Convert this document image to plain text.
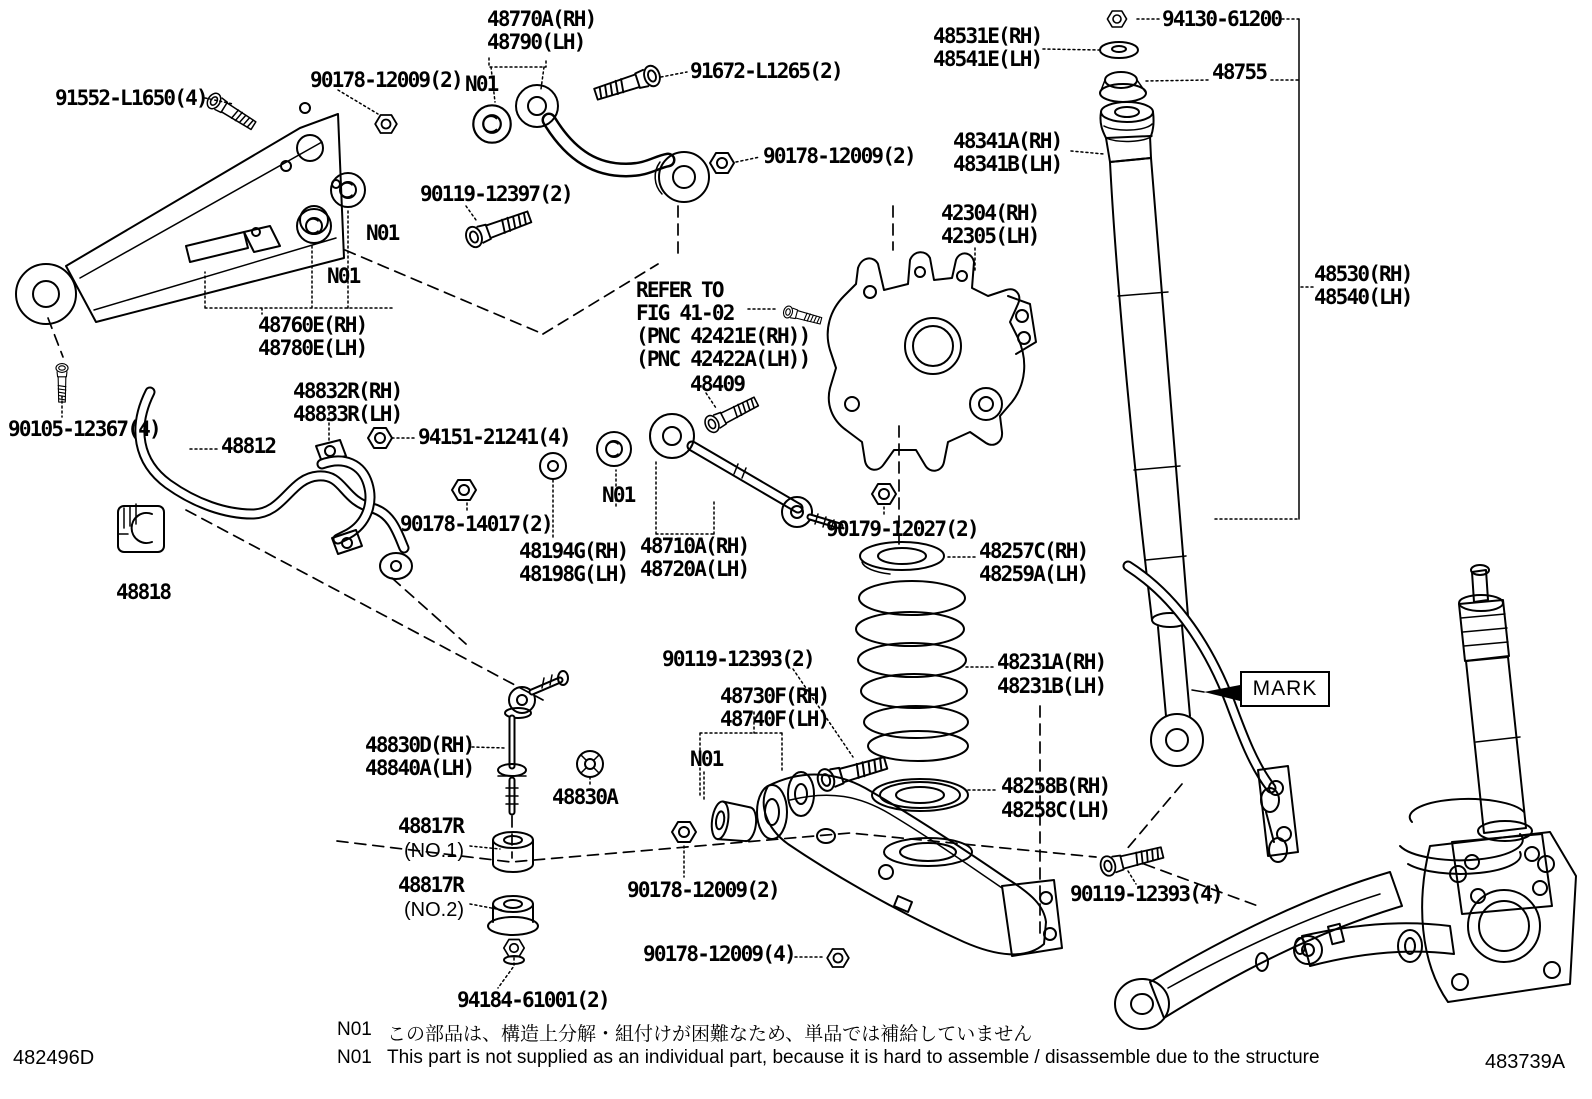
48770A(RH)
48790(LH)
94130-61200
48531E(RH)
48541E(LH)
48755
91552-L1650(4)
90178-12009(2) N01
91672-L1265(2)
90178-12009(2)
48341A(RH)
48341B(LH)
90119-12397(2)
N01
N01
42304(RH)
42305(LH)
48530(RH)
48540(LH)
REFER TO
FIG 41-02
(PNC 42421E(RH))
(PNC 42422A(LH))
48760E(RH)
48780E(LH)
48832R(RH)
48833R(LH)
48409
90105-12367(4)
48812	94151-21241(4)
N01
90178-14017(2)	90179-12027(2)
48194G(RH)
48198G(LH)
48710A(RH)
48720A(LH)
48257C(RH)
48259A(LH)
48818
90119-12393(2)
48730F(RH)
48740F(LH)
48231A(RH)
48231B(LH)
N01
48830D(RH)
48840A(LH)
48830A	48258B(RH)
48258C(LH)
48817R
(NO.1)
48817R
(NO.2)
90178-12009(2)	90119-12393(4)
90178-12009(4)
94184-61001(2)
MARK
N01 この部品は、構造上分解・組付けが困難なため、単品では補給していません
N01 This part is not supplied as an individual part, because it is hard to assemble / disassemble due to the structure
482496D	483739A
